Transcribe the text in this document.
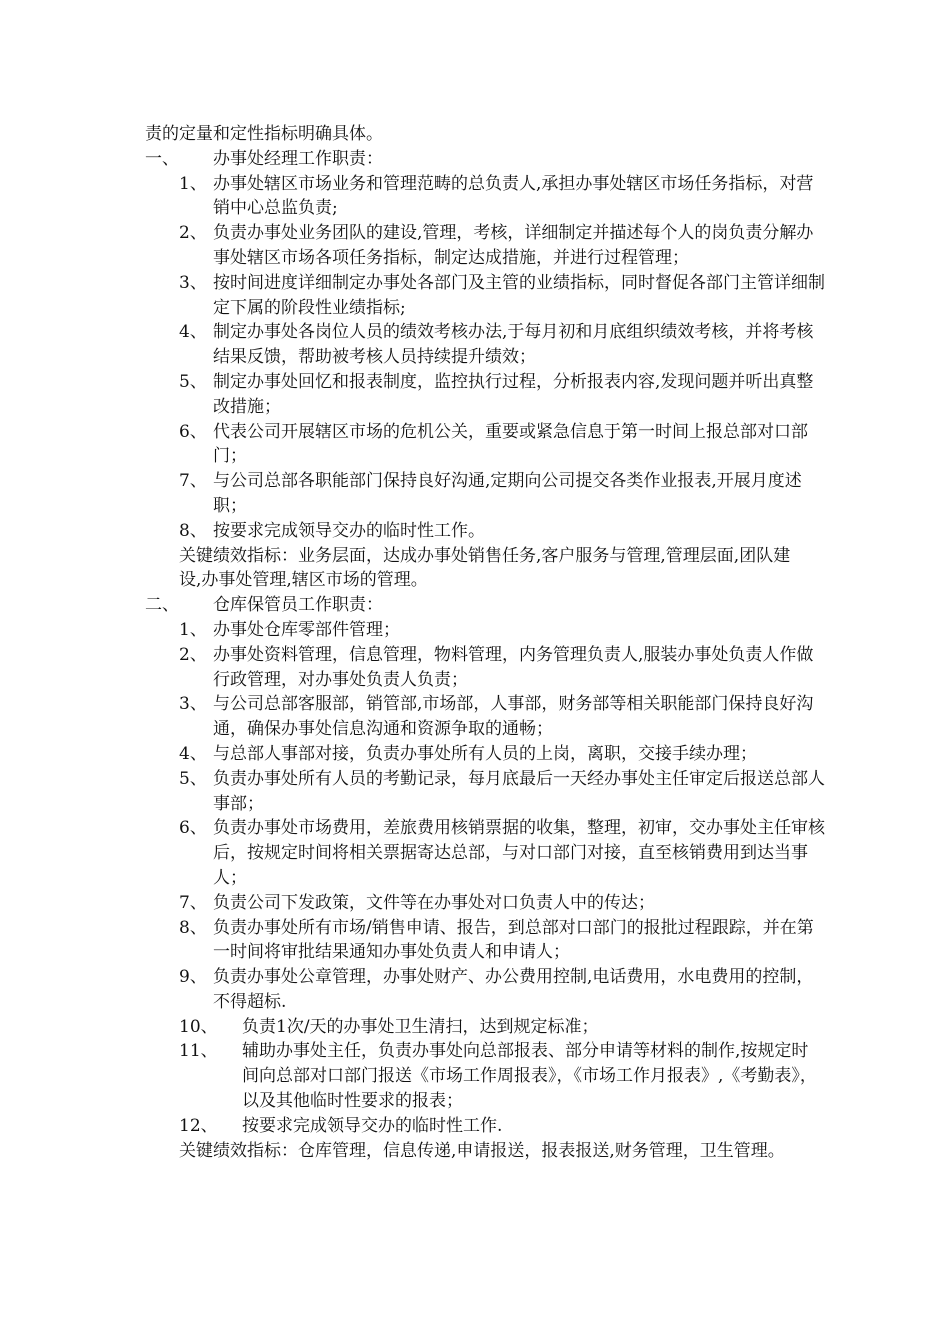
责的定量和定性指标明确具体。
一、	办事处经理工作职责：
1、 办事处辖区市场业务和管理范畴的总负责人,承担办事处辖区市场任务指标，对营销中心总监负责;
2、 负责办事处业务团队的建设,管理，考核，详细制定并描述每个人的岗负责分解办事处辖区市场各项任务指标，制定达成措施，并进行过程管理；
3、 按时间进度详细制定办事处各部门及主管的业绩指标，同时督促各部门主管详细制定下属的阶段性业绩指标;
4、 制定办事处各岗位人员的绩效考核办法,于每月初和月底组织绩效考核，并将考核结果反馈，帮助被考核人员持续提升绩效；
5、 制定办事处回忆和报表制度，监控执行过程，分析报表内容,发现问题并听出真整改措施；
6、 代表公司开展辖区市场的危机公关，重要或紧急信息于第一时间上报总部对口部门；
7、 与公司总部各职能部门保持良好沟通,定期向公司提交各类作业报表,开展月度述职；
8、 按要求完成领导交办的临时性工作。
关键绩效指标：业务层面，达成办事处销售任务,客户服务与管理,管理层面,团队建设,办事处管理,辖区市场的管理。
二、	仓库保管员工作职责：
1、 办事处仓库零部件管理；
2、 办事处资料管理，信息管理，物料管理，内务管理负责人,服装办事处负责人作做行政管理，对办事处负责人负责；
3、 与公司总部客服部，销管部,市场部，人事部，财务部等相关职能部门保持良好沟通，确保办事处信息沟通和资源争取的通畅；
4、 与总部人事部对接，负责办事处所有人员的上岗，离职，交接手续办理；
5、 负责办事处所有人员的考勤记录，每月底最后一天经办事处主任审定后报送总部人事部；
6、 负责办事处市场费用，差旅费用核销票据的收集，整理，初审，交办事处主任审核后，按规定时间将相关票据寄达总部，与对口部门对接，直至核销费用到达当事人；
7、 负责公司下发政策，文件等在办事处对口负责人中的传达；
8、 负责办事处所有市场/销售申请、报告，到总部对口部门的报批过程跟踪，并在第一时间将审批结果通知办事处负责人和申请人；
9、 负责办事处公章管理，办事处财产、办公费用控制,电话费用，水电费用的控制，不得超标.
10、	负责1次/天的办事处卫生清扫，达到规定标准；
11、	辅助办事处主任，负责办事处向总部报表、部分申请等材料的制作,按规定时间向总部对口部门报送《市场工作周报表》，《市场工作月报表》,《考勤表》，以及其他临时性要求的报表；
12、	按要求完成领导交办的临时性工作.
关键绩效指标：仓库管理，信息传递,申请报送，报表报送,财务管理，卫生管理。
